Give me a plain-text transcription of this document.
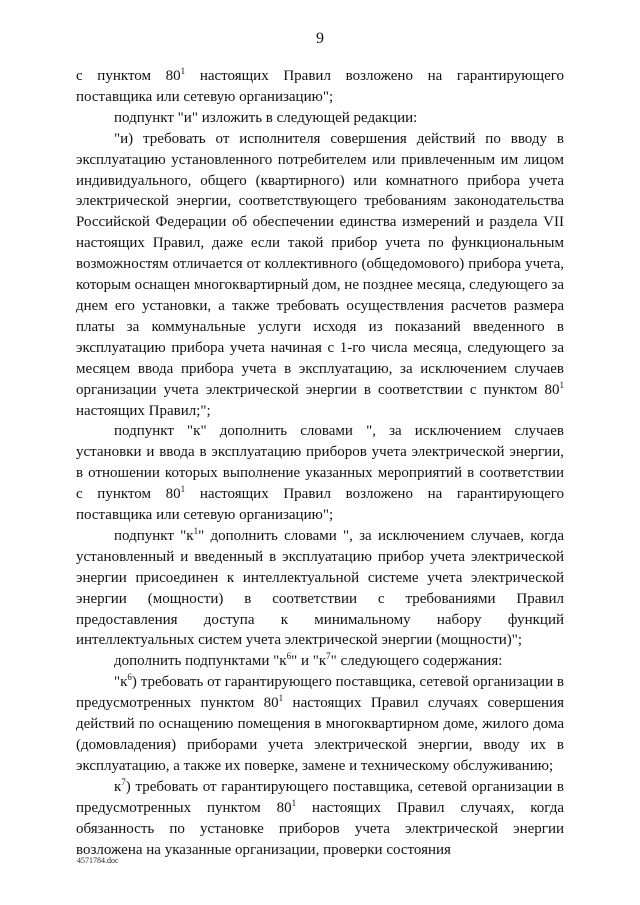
9

с пунктом $80^1$ настоящих Правил возложено на гарантирующего поставщика или сетевую организацию";

подпункт "и" изложить в следующей редакции:

"и) требовать от исполнителя совершения действий по вводу в эксплуатацию установленного потребителем или привлеченным им лицом индивидуального, общего (квартирного) или комнатного прибора учета электрической энергии, соответствующего требованиям законодательства Российской Федерации об обеспечении единства измерений и раздела VII настоящих Правил, даже если такой прибор учета по функциональным возможностям отличается от коллективного (общедомового) прибора учета, которым оснащен многоквартирный дом, не позднее месяца, следующего за днем его установки, а также требовать осуществления расчетов размера платы за коммунальные услуги исходя из показаний введенного в эксплуатацию прибора учета начиная с 1-го числа месяца, следующего за месяцем ввода прибора учета в эксплуатацию, за исключением случаев организации учета электрической энергии в соответствии с пунктом $80^1$ настоящих Правил;";

подпункт "к" дополнить словами ", за исключением случаев установки и ввода в эксплуатацию приборов учета электрической энергии, в отношении которых выполнение указанных мероприятий в соответствии с пунктом $80^1$ настоящих Правил возложено на гарантирующего поставщика или сетевую организацию";

подпункт "$к^1$" дополнить словами ", за исключением случаев, когда установленный и введенный в эксплуатацию прибор учета электрической энергии присоединен к интеллектуальной системе учета электрической энергии (мощности) в соответствии с требованиями Правил предоставления доступа к минимальному набору функций интеллектуальных систем учета электрической энергии (мощности)";

дополнить подпунктами "$к^6$" и "$к^7$" следующего содержания:

"$к^6$) требовать от гарантирующего поставщика, сетевой организации в предусмотренных пунктом $80^1$ настоящих Правил случаях совершения действий по оснащению помещения в многоквартирном доме, жилого дома (домовладения) приборами учета электрической энергии, вводу их в эксплуатацию, а также их поверке, замене и техническому обслуживанию;

$к^7$) требовать от гарантирующего поставщика, сетевой организации в предусмотренных пунктом $80^1$ настоящих Правил случаях, когда обязанность по установке приборов учета электрической энергии возложена на указанные организации, проверки состояния

4571784.doc
